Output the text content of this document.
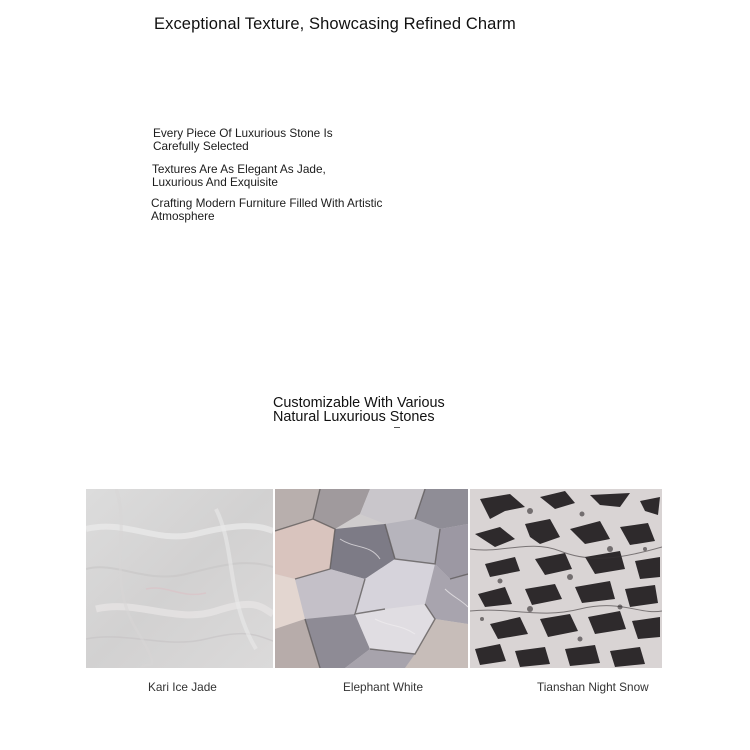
Exceptional Texture, Showcasing Refined Charm
Every Piece Of Luxurious Stone Is
Carefully Selected
Textures Are As Elegant As Jade,
Luxurious And Exquisite
Crafting Modern Furniture Filled With Artistic
Atmosphere
Customizable With Various
Natural Luxurious Stones
Kari Ice Jade	Elephant White	Tianshan Night Snow
